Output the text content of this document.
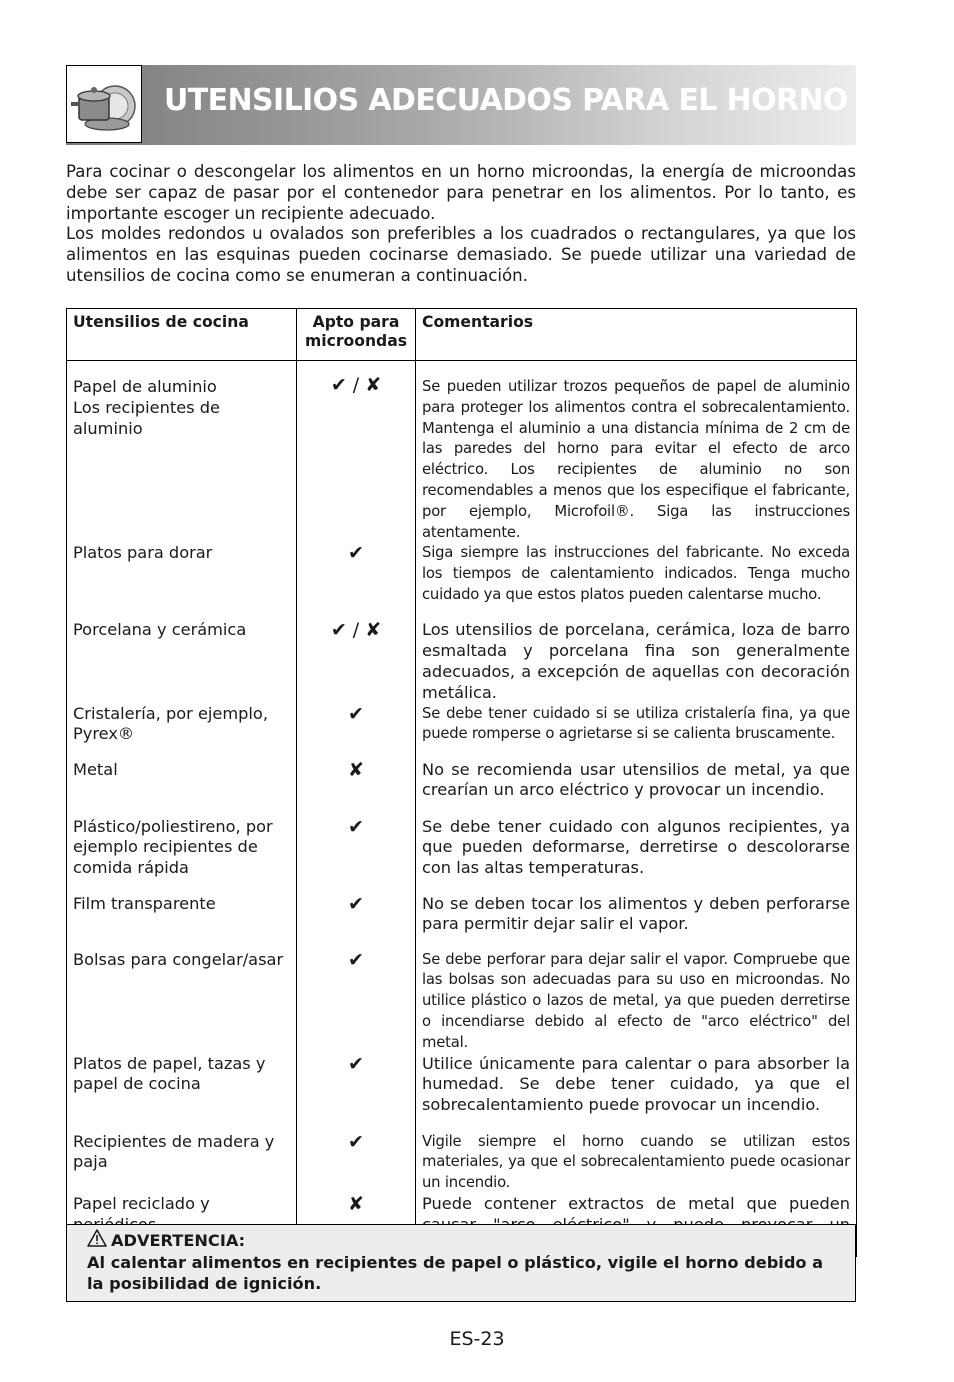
UTENSILIOS ADECUADOS PARA EL HORNO

Para cocinar o descongelar los alimentos en un horno microondas, la energía de microondas debe ser capaz de pasar por el contenedor para penetrar en los alimentos. Por lo tanto, es importante escoger un recipiente adecuado.

Los moldes redondos u ovalados son preferibles a los cuadrados o rectangulares, ya que los alimentos en las esquinas pueden cocinarse demasiado. Se puede utilizar una variedad de utensilios de cocina como se enumeran a continuación.

Utensilios de cocina	Apto para microondas	Comentarios
Papel de aluminio
Los recipientes de aluminio	✔ / ✘	Se pueden utilizar trozos pequeños de papel de aluminio para proteger los alimentos contra el sobrecalentamiento. Mantenga el aluminio a una distancia mínima de 2 cm de las paredes del horno para evitar el efecto de arco eléctrico. Los recipientes de aluminio no son recomendables a menos que los especifique el fabricante, por ejemplo, Microfoil®. Siga las instrucciones atentamente.
Platos para dorar	✔	Siga siempre las instrucciones del fabricante. No exceda los tiempos de calentamiento indicados. Tenga mucho cuidado ya que estos platos pueden calentarse mucho.
Porcelana y cerámica	✔ / ✘	Los utensilios de porcelana, cerámica, loza de barro esmaltada y porcelana fina son generalmente adecuados, a excepción de aquellas con decoración metálica.
Cristalería, por ejemplo, Pyrex®	✔	Se debe tener cuidado si se utiliza cristalería fina, ya que puede romperse o agrietarse si se calienta bruscamente.
Metal	✘	No se recomienda usar utensilios de metal, ya que crearían un arco eléctrico y provocar un incendio.
Plástico/poliestireno, por ejemplo recipientes de comida rápida	✔	Se debe tener cuidado con algunos recipientes, ya que pueden deformarse, derretirse o descolorarse con las altas temperaturas.
Film transparente	✔	No se deben tocar los alimentos y deben perforarse para permitir dejar salir el vapor.
Bolsas para congelar/asar	✔	Se debe perforar para dejar salir el vapor. Compruebe que las bolsas son adecuadas para su uso en microondas. No utilice plástico o lazos de metal, ya que pueden derretirse o incendiarse debido al efecto de "arco eléctrico" del metal.
Platos de papel, tazas y papel de cocina	✔	Utilice únicamente para calentar o para absorber la humedad. Se debe tener cuidado, ya que el sobrecalentamiento puede provocar un incendio.
Recipientes de madera y paja	✔	Vigile siempre el horno cuando se utilizan estos materiales, ya que el sobrecalentamiento puede ocasionar un incendio.
Papel reciclado y	✘	Puede contener extractos de metal que pueden
ADVERTENCIA:
Al calentar alimentos en recipientes de papel o plástico, vigile el horno debido a la posibilidad de ignición.
ES-23
